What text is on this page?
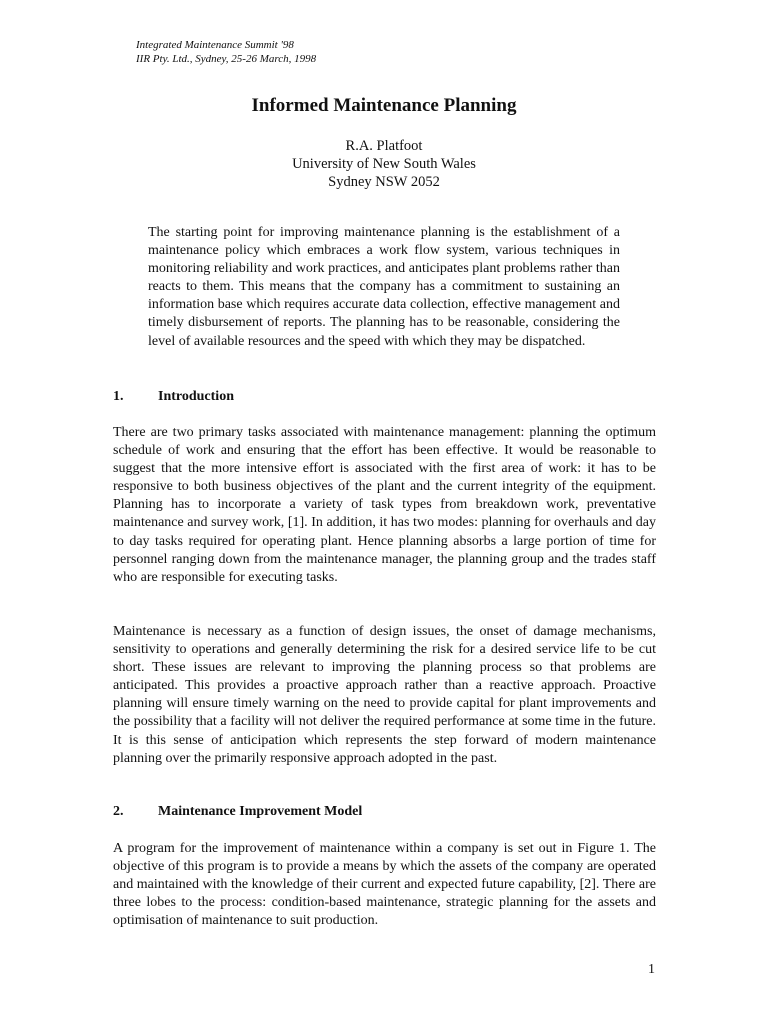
Integrated Maintenance Summit '98
IIR Pty. Ltd., Sydney, 25-26 March, 1998
Informed Maintenance Planning
R.A. Platfoot
University of New South Wales
Sydney NSW 2052
The starting point for improving maintenance planning is the establishment of a maintenance policy which embraces a work flow system, various techniques in monitoring reliability and work practices, and anticipates plant problems rather than reacts to them. This means that the company has a commitment to sustaining an information base which requires accurate data collection, effective management and timely disbursement of reports. The planning has to be reasonable, considering the level of available resources and the speed with which they may be dispatched.
1. Introduction
There are two primary tasks associated with maintenance management: planning the optimum schedule of work and ensuring that the effort has been effective. It would be reasonable to suggest that the more intensive effort is associated with the first area of work: it has to be responsive to both business objectives of the plant and the current integrity of the equipment. Planning has to incorporate a variety of task types from breakdown work, preventative maintenance and survey work, [1]. In addition, it has two modes: planning for overhauls and day to day tasks required for operating plant. Hence planning absorbs a large portion of time for personnel ranging down from the maintenance manager, the planning group and the trades staff who are responsible for executing tasks.
Maintenance is necessary as a function of design issues, the onset of damage mechanisms, sensitivity to operations and generally determining the risk for a desired service life to be cut short. These issues are relevant to improving the planning process so that problems are anticipated. This provides a proactive approach rather than a reactive approach. Proactive planning will ensure timely warning on the need to provide capital for plant improvements and the possibility that a facility will not deliver the required performance at some time in the future. It is this sense of anticipation which represents the step forward of modern maintenance planning over the primarily responsive approach adopted in the past.
2. Maintenance Improvement Model
A program for the improvement of maintenance within a company is set out in Figure 1. The objective of this program is to provide a means by which the assets of the company are operated and maintained with the knowledge of their current and expected future capability, [2]. There are three lobes to the process: condition-based maintenance, strategic planning for the assets and optimisation of maintenance to suit production.
1
